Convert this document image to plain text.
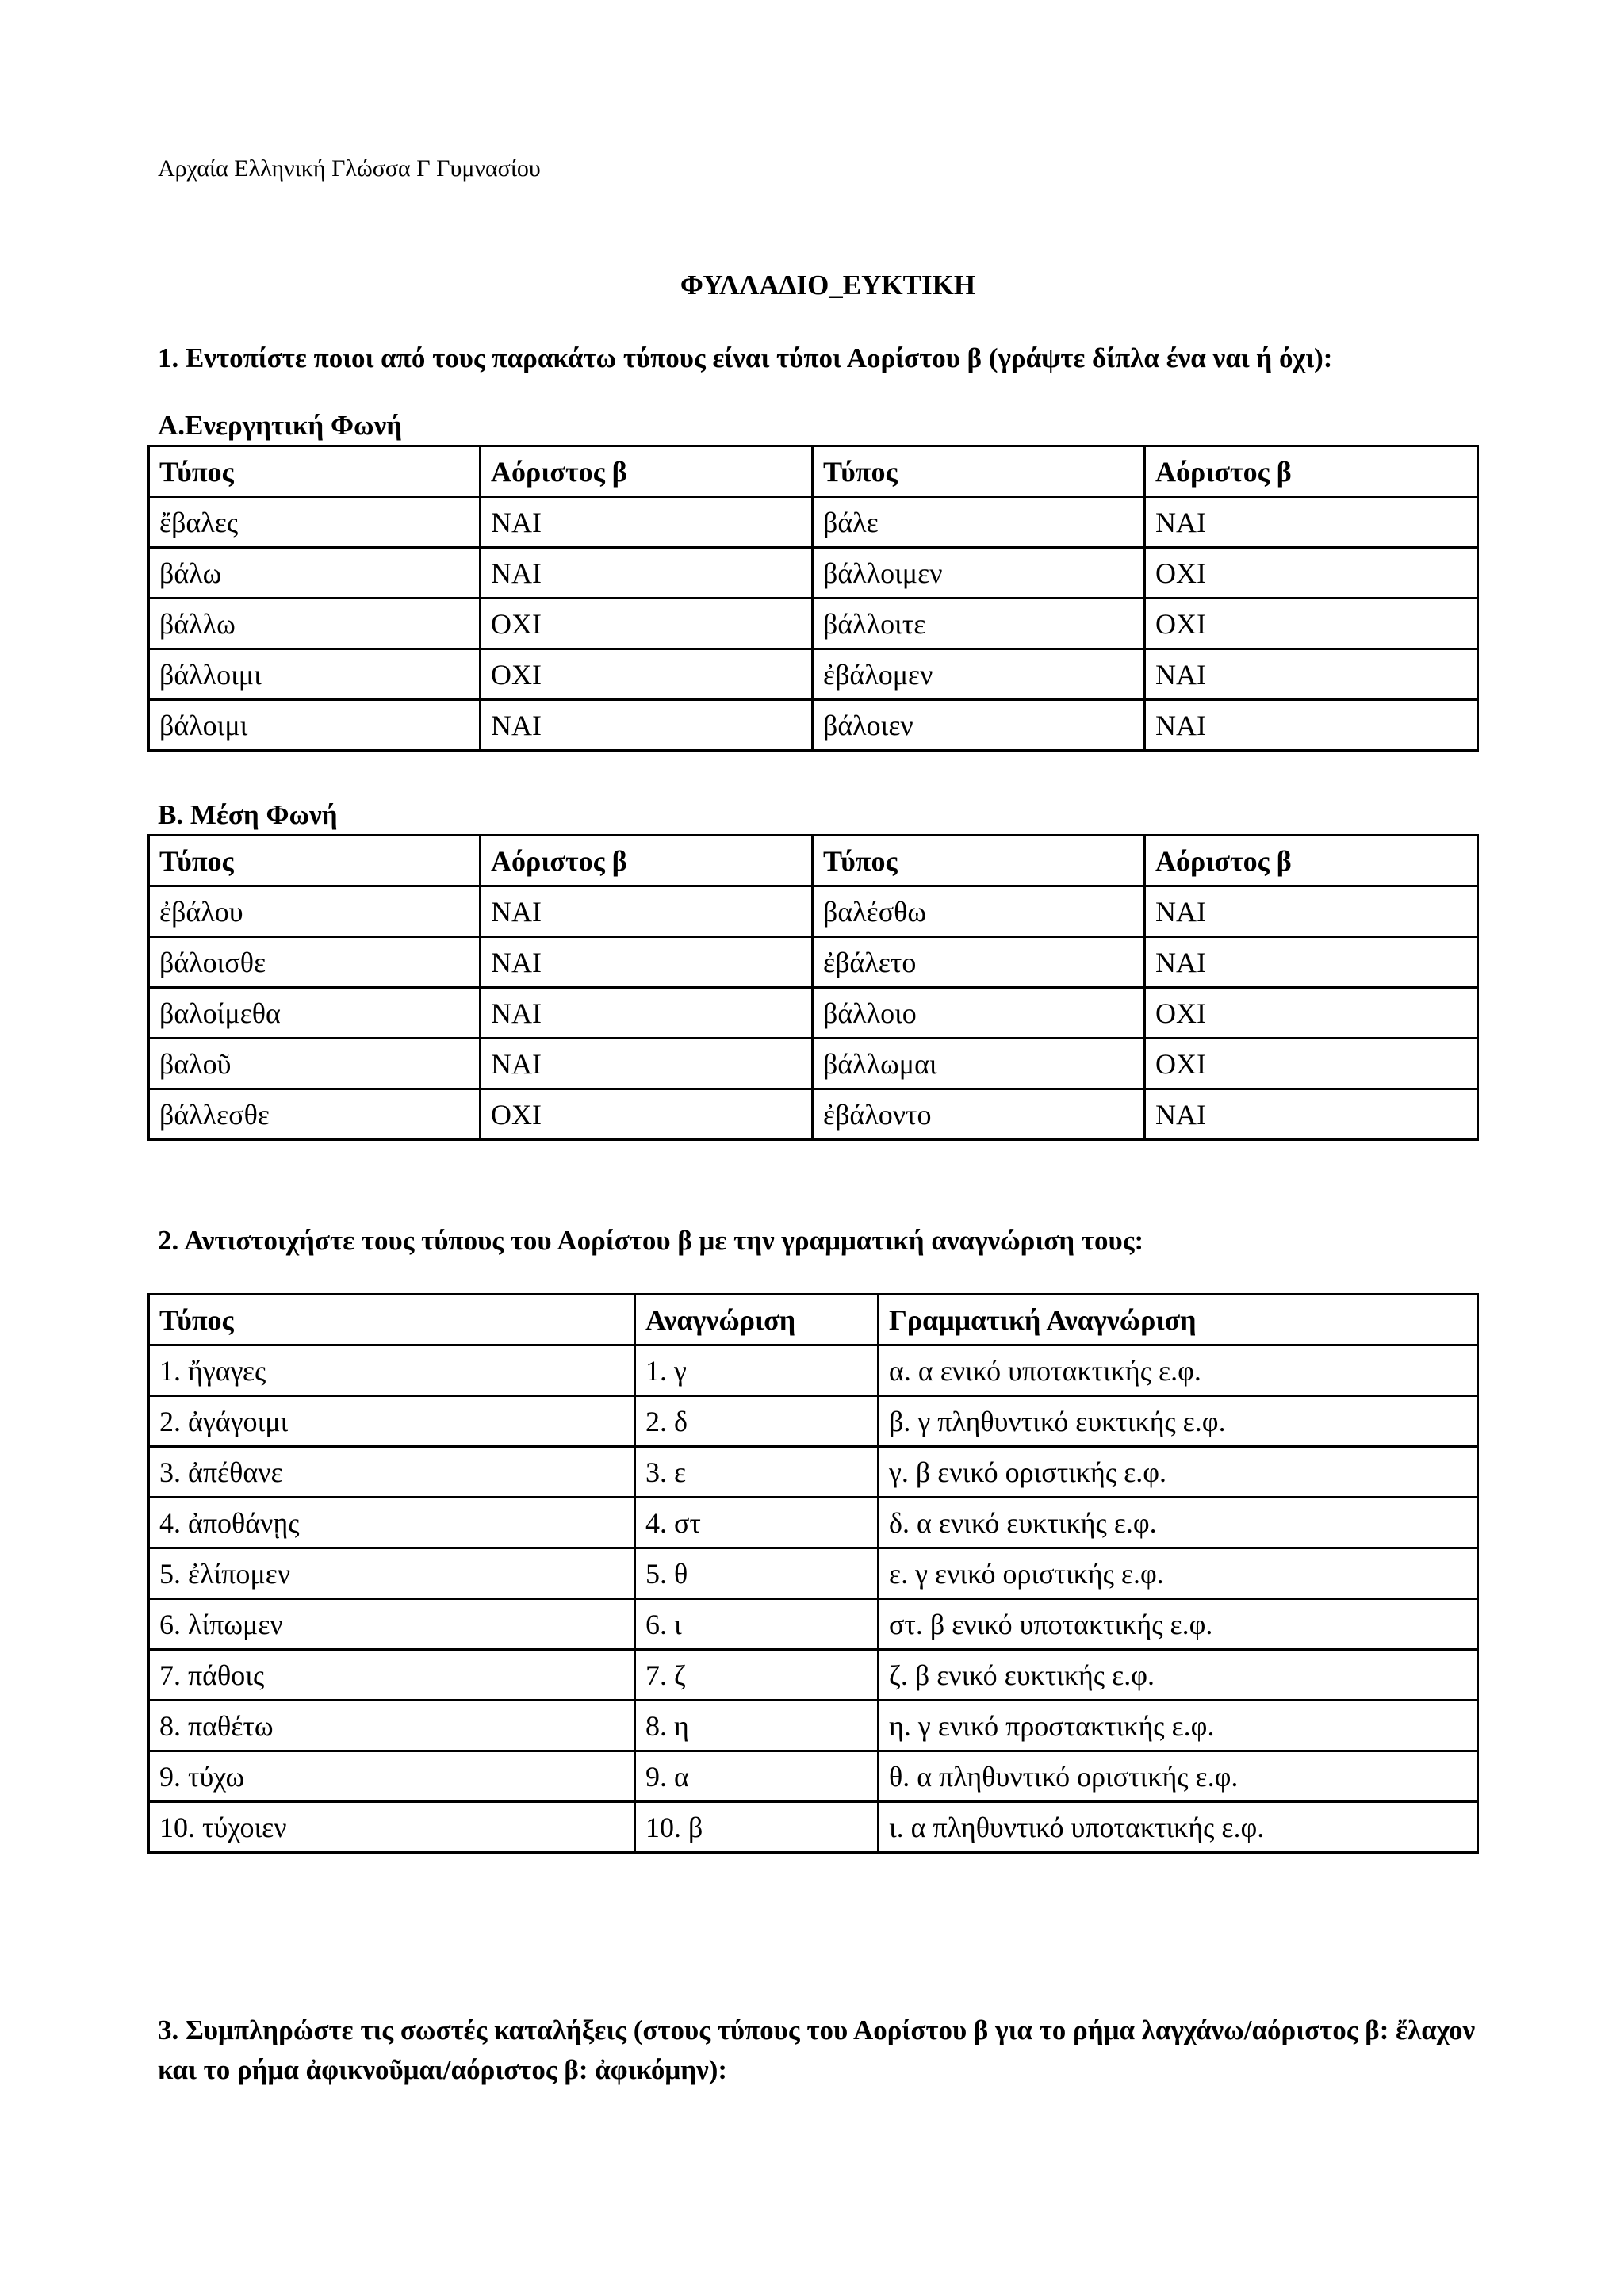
Αρχαία Ελληνική Γλώσσα Γ Γυμνασίου
ΦΥΛΛΑΔΙΟ_ΕΥΚΤΙΚΗ
1. Εντοπίστε ποιοι από τους παρακάτω τύπους είναι τύποι Αορίστου β (γράψτε δίπλα ένα ναι ή όχι):
Α.Ενεργητική Φωνή
Τύπος	Αόριστος β	Τύπος	Αόριστος β
ἔβαλες	ΝΑΙ	βάλε	ΝΑΙ
βάλω	ΝΑΙ	βάλλοιμεν	ΟΧΙ
βάλλω	ΟΧΙ	βάλλοιτε	ΟΧΙ
βάλλοιμι	ΟΧΙ	ἐβάλομεν	ΝΑΙ
βάλοιμι	ΝΑΙ	βάλοιεν	ΝΑΙ
Β. Μέση Φωνή
Τύπος	Αόριστος β	Τύπος	Αόριστος β
ἐβάλου	ΝΑΙ	βαλέσθω	ΝΑΙ
βάλοισθε	ΝΑΙ	ἐβάλετο	ΝΑΙ
βαλοίμεθα	ΝΑΙ	βάλλοιο	ΟΧΙ
βαλοῦ	ΝΑΙ	βάλλωμαι	ΟΧΙ
βάλλεσθε	ΟΧΙ	ἐβάλοντο	ΝΑΙ
2. Αντιστοιχήστε τους τύπους του Αορίστου β με την γραμματική αναγνώριση τους:
Τύπος	Αναγνώριση	Γραμματική Αναγνώριση
1. ἤγαγες	1. γ	α. α ενικό υποτακτικής ε.φ.
2. ἀγάγοιμι	2. δ	β. γ πληθυντικό ευκτικής ε.φ.
3. ἀπέθανε	3. ε	γ. β ενικό οριστικής ε.φ.
4. ἀποθάνῃς	4. στ	δ. α ενικό ευκτικής ε.φ.
5. ἐλίπομεν	5. θ	ε. γ ενικό οριστικής ε.φ.
6. λίπωμεν	6. ι	στ. β ενικό υποτακτικής ε.φ.
7. πάθοις	7. ζ	ζ. β ενικό ευκτικής ε.φ.
8. παθέτω	8. η	η. γ ενικό προστακτικής ε.φ.
9. τύχω	9. α	θ. α πληθυντικό οριστικής ε.φ.
10. τύχοιεν	10. β	ι. α πληθυντικό υποτακτικής ε.φ.
3. Συμπληρώστε τις σωστές καταλήξεις (στους τύπους του Αορίστου β για το ρήμα λαγχάνω/αόριστος β: ἔλαχον και το ρήμα ἀφικνοῦμαι/αόριστος β: ἀφικόμην):
